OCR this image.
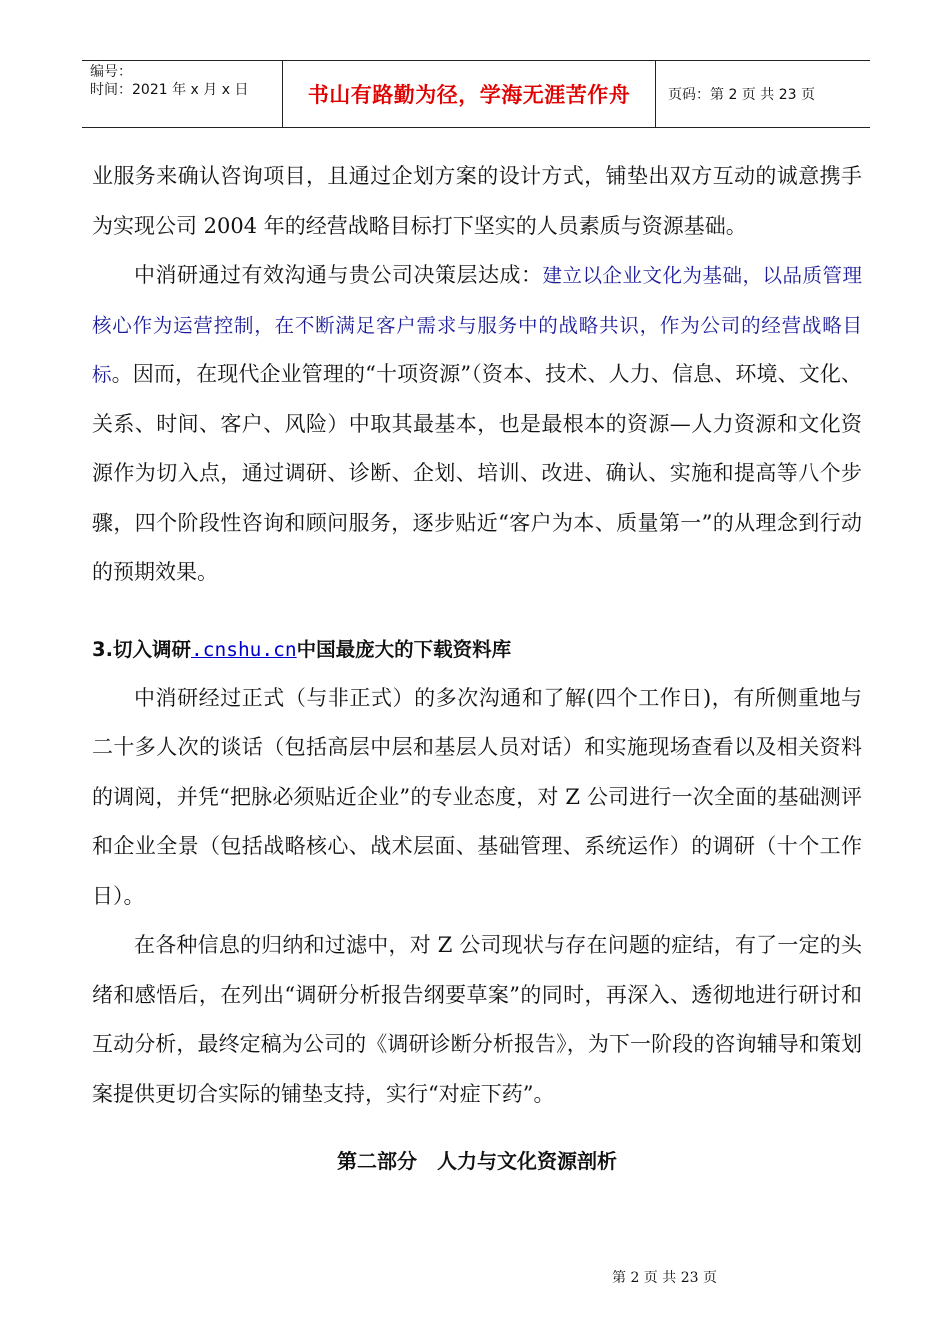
编号：
时间：2021 年 x 月 x 日	书山有路勤为径，学海无涯苦作舟	页码：第 2 页 共 23 页

业服务来确认咨询项目，且通过企划方案的设计方式，铺垫出双方互动的诚意携手为实现公司 2004 年的经营战略目标打下坚实的人员素质与资源基础。

中消研通过有效沟通与贵公司决策层达成：建立以企业文化为基础，以品质管理核心作为运营控制，在不断满足客户需求与服务中的战略共识，作为公司的经营战略目标。因而，在现代企业管理的“十项资源”（资本、技术、人力、信息、环境、文化、关系、时间、客户、风险）中取其最基本，也是最根本的资源—人力资源和文化资源作为切入点，通过调研、诊断、企划、培训、改进、确认、实施和提高等八个步骤，四个阶段性咨询和顾问服务，逐步贴近“客户为本、质量第一”的从理念到行动的预期效果。

3.切入调研.cnshu.cn中国最庞大的下载资料库

中消研经过正式（与非正式）的多次沟通和了解(四个工作日)，有所侧重地与二十多人次的谈话（包括高层中层和基层人员对话）和实施现场查看以及相关资料的调阅，并凭“把脉必须贴近企业”的专业态度，对 Z 公司进行一次全面的基础测评和企业全景（包括战略核心、战术层面、基础管理、系统运作）的调研（十个工作日）。

在各种信息的归纳和过滤中，对 Z 公司现状与存在问题的症结，有了一定的头绪和感悟后，在列出“调研分析报告纲要草案”的同时，再深入、透彻地进行研讨和互动分析，最终定稿为公司的《调研诊断分析报告》，为下一阶段的咨询辅导和策划案提供更切合实际的铺垫支持，实行“对症下药”。

第二部分　人力与文化资源剖析

第 2 页 共 23 页
